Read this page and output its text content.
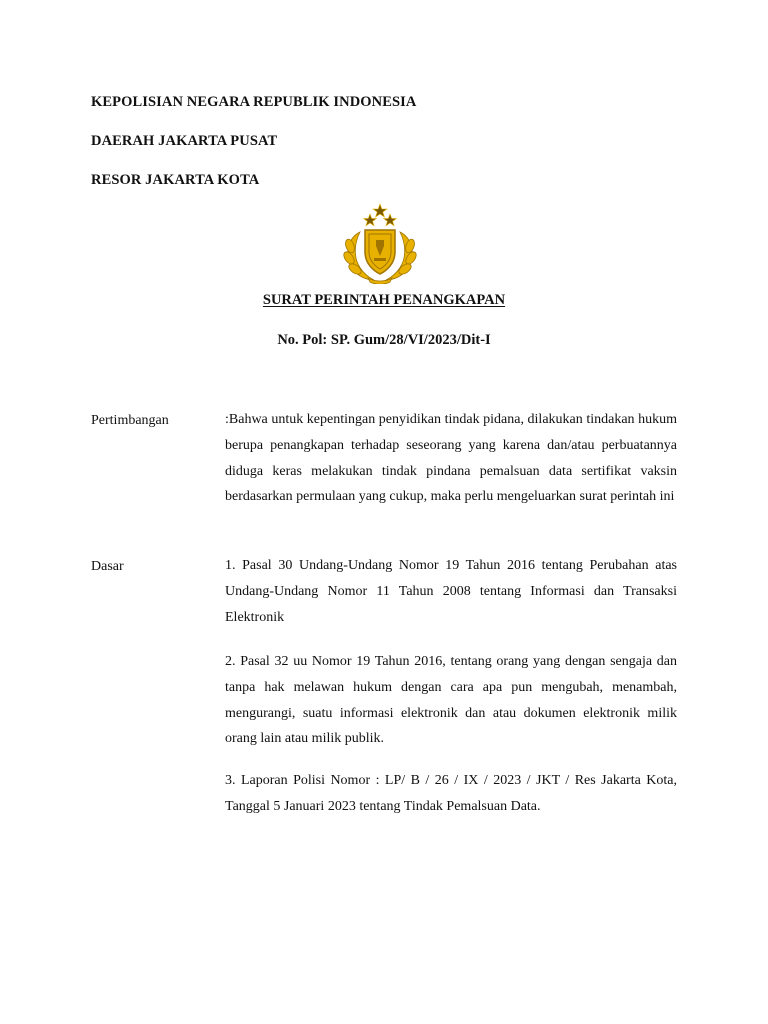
KEPOLISIAN NEGARA REPUBLIK INDONESIA
DAERAH JAKARTA PUSAT
RESOR JAKARTA KOTA
SURAT PERINTAH PENANGKAPAN
No. Pol: SP. Gum/28/VI/2023/Dit-I
Pertimbangan	:Bahwa untuk kepentingan penyidikan tindak pidana, dilakukan tindakan hukum berupa penangkapan terhadap seseorang yang karena dan/atau perbuatannya diduga keras melakukan tindak pindana pemalsuan data sertifikat vaksin berdasarkan permulaan yang cukup, maka perlu mengeluarkan surat perintah ini
Dasar	1. Pasal 30 Undang-Undang Nomor 19 Tahun 2016 tentang Perubahan atas Undang-Undang Nomor 11 Tahun 2008 tentang Informasi dan Transaksi Elektronik
2. Pasal 32 uu Nomor 19 Tahun 2016, tentang orang yang dengan sengaja dan tanpa hak melawan hukum dengan cara apa pun mengubah, menambah, mengurangi, suatu informasi elektronik dan atau dokumen elektronik milik orang lain atau milik publik.
3. Laporan Polisi Nomor : LP/ B / 26 / IX / 2023 / JKT / Res Jakarta Kota, Tanggal 5 Januari 2023 tentang Tindak Pemalsuan Data.
